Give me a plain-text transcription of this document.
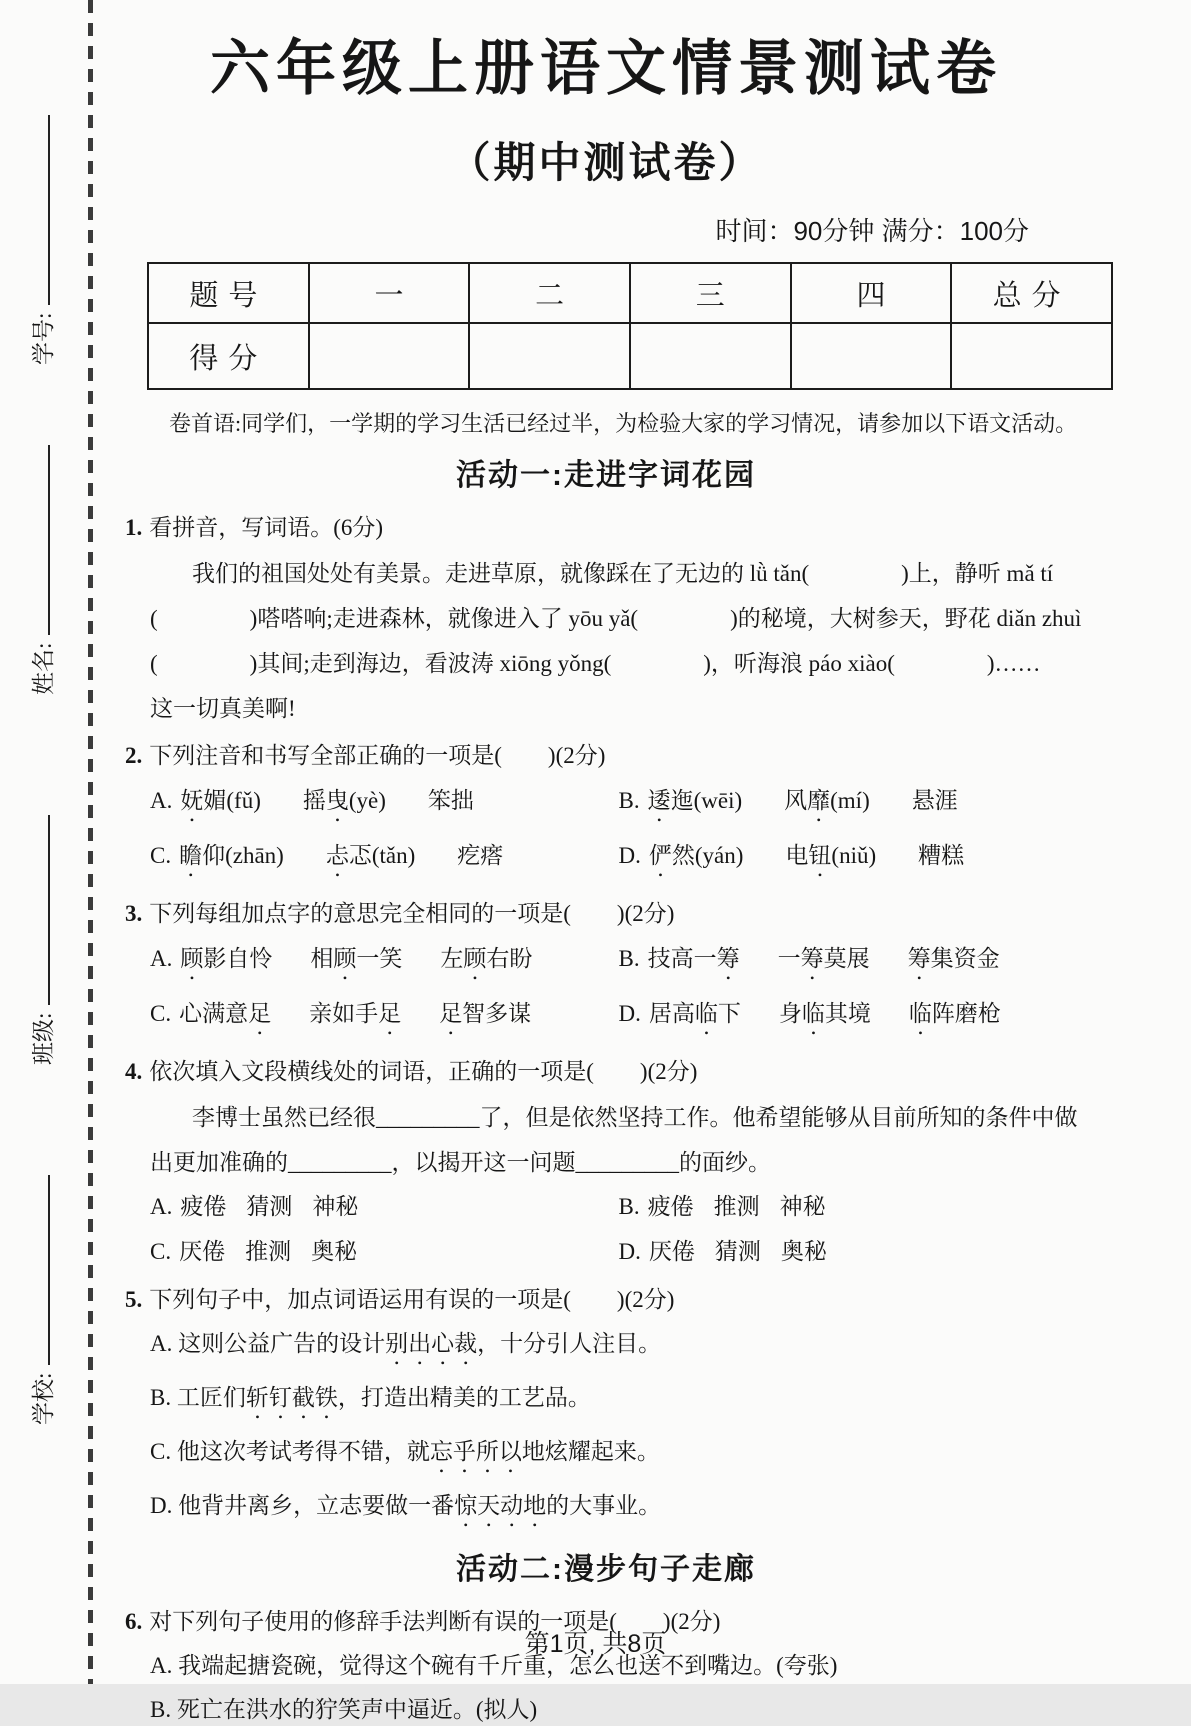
学号:
姓名:
班级:
学校:
六年级上册语文情景测试卷
（期中测试卷）
时间：90分钟 满分：100分
题号	一	二	三	四	总分
得分					

卷首语:同学们，一学期的学习生活已经过半，为检验大家的学习情况，请参加以下语文活动。

活动一:走进字词花园

1. 看拼音，写词语。(6分)

我们的祖国处处有美景。走进草原，就像踩在了无边的 lǜ tǎn(　　　　)上，静听 mǎ tí

(　　　　)嗒嗒响;走进森林，就像进入了 yōu yǎ(　　　　)的秘境，大树参天，野花 diǎn zhuì

(　　　　)其间;走到海边，看波涛 xiōng yǒng(　　　　)，听海浪 páo xiào(　　　　)……

这一切真美啊!

2. 下列注音和书写全部正确的一项是(　　)(2分)

A. 妩媚(fǔ) 摇曳(yè) 笨拙	B. 逶迤(wēi) 风靡(mí) 悬涯
C. 瞻仰(zhān) 忐忑(tǎn) 疙瘩	D. 俨然(yán) 电钮(niǔ) 糟糕

3. 下列每组加点字的意思完全相同的一项是(　　)(2分)

A. 顾影自怜 相顾一笑 左顾右盼	B. 技高一筹 一筹莫展 筹集资金
C. 心满意足 亲如手足 足智多谋	D. 居高临下 身临其境 临阵磨枪

4. 依次填入文段横线处的词语，正确的一项是(　　)(2分)

李博士虽然已经很_________了，但是依然坚持工作。他希望能够从目前所知的条件中做

出更加准确的_________，以揭开这一问题_________的面纱。

A. 疲倦 猜测 神秘	B. 疲倦 推测 神秘
C. 厌倦 推测 奥秘	D. 厌倦 猜测 奥秘

5. 下列句子中，加点词语运用有误的一项是(　　)(2分)

A. 这则公益广告的设计别出心裁，十分引人注目。

B. 工匠们斩钉截铁，打造出精美的工艺品。

C. 他这次考试考得不错，就忘乎所以地炫耀起来。

D. 他背井离乡，立志要做一番惊天动地的大事业。

活动二:漫步句子走廊

6. 对下列句子使用的修辞手法判断有误的一项是(　　)(2分)

A. 我端起搪瓷碗，觉得这个碗有千斤重，怎么也送不到嘴边。(夸张)

B. 死亡在洪水的狞笑声中逼近。(拟人)

第1页, 共8页
